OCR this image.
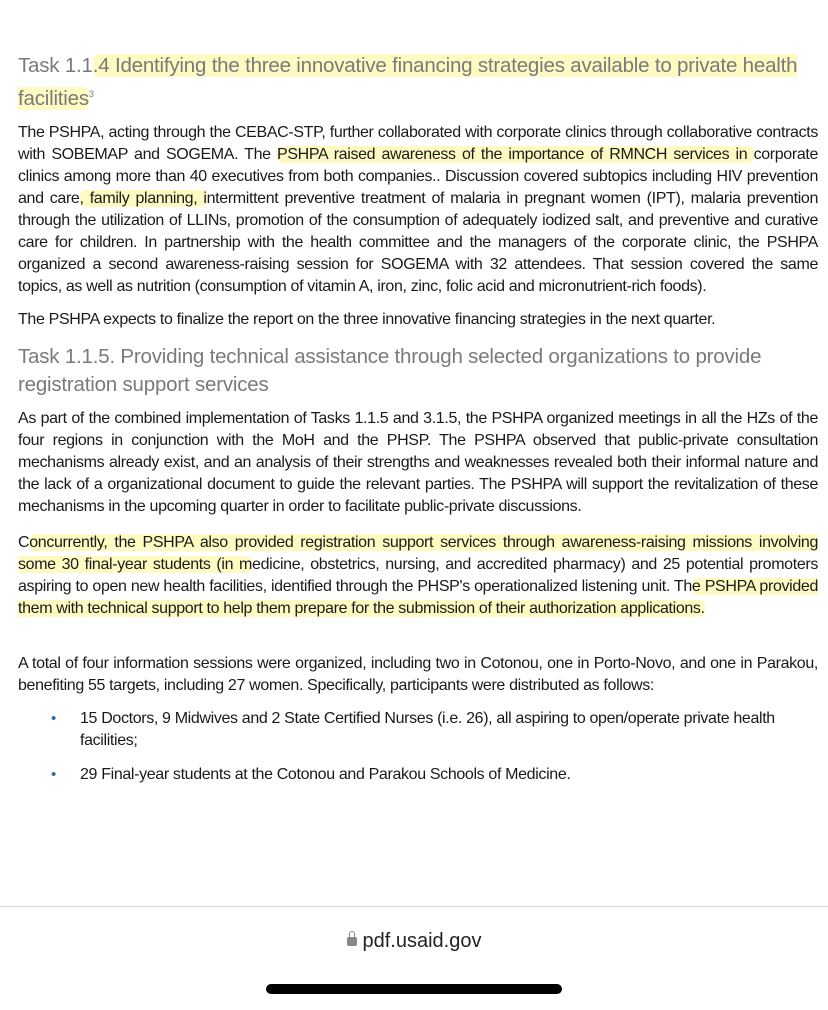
Task 1.1.4 Identifying the three innovative financing strategies available to private health facilities$^3$

The PSHPA, acting through the CEBAC-STP, further collaborated with corporate clinics through collaborative contracts with SOBEMAP and SOGEMA. The PSHPA raised awareness of the importance of RMNCH services in corporate clinics among more than 40 executives from both companies.. Discussion covered subtopics including HIV prevention and care, family planning, intermittent preventive treatment of malaria in pregnant women (IPT), malaria prevention through the utilization of LLINs, promotion of the consumption of adequately iodized salt, and preventive and curative care for children. In partnership with the health committee and the managers of the corporate clinic, the PSHPA organized a second awareness-raising session for SOGEMA with 32 attendees. That session covered the same topics, as well as nutrition (consumption of vitamin A, iron, zinc, folic acid and micronutrient-rich foods).

The PSHPA expects to finalize the report on the three innovative financing strategies in the next quarter.

Task 1.1.5. Providing technical assistance through selected organizations to provide registration support services

As part of the combined implementation of Tasks 1.1.5 and 3.1.5, the PSHPA organized meetings in all the HZs of the four regions in conjunction with the MoH and the PHSP. The PSHPA observed that public-private consultation mechanisms already exist, and an analysis of their strengths and weaknesses revealed both their informal nature and the lack of a organizational document to guide the relevant parties. The PSHPA will support the revitalization of these mechanisms in the upcoming quarter in order to facilitate public-private discussions.

Concurrently, the PSHPA also provided registration support services through awareness-raising missions involving some 30 final-year students (in medicine, obstetrics, nursing, and accredited pharmacy) and 25 potential promoters aspiring to open new health facilities, identified through the PHSP's operationalized listening unit. The PSHPA provided them with technical support to help them prepare for the submission of their authorization applications.

A total of four information sessions were organized, including two in Cotonou, one in Porto-Novo, and one in Parakou, benefiting 55 targets, including 27 women. Specifically, participants were distributed as follows:

• 15 Doctors, 9 Midwives and 2 State Certified Nurses (i.e. 26), all aspiring to open/operate private health facilities;
• 29 Final-year students at the Cotonou and Parakou Schools of Medicine.
pdf.usaid.gov
